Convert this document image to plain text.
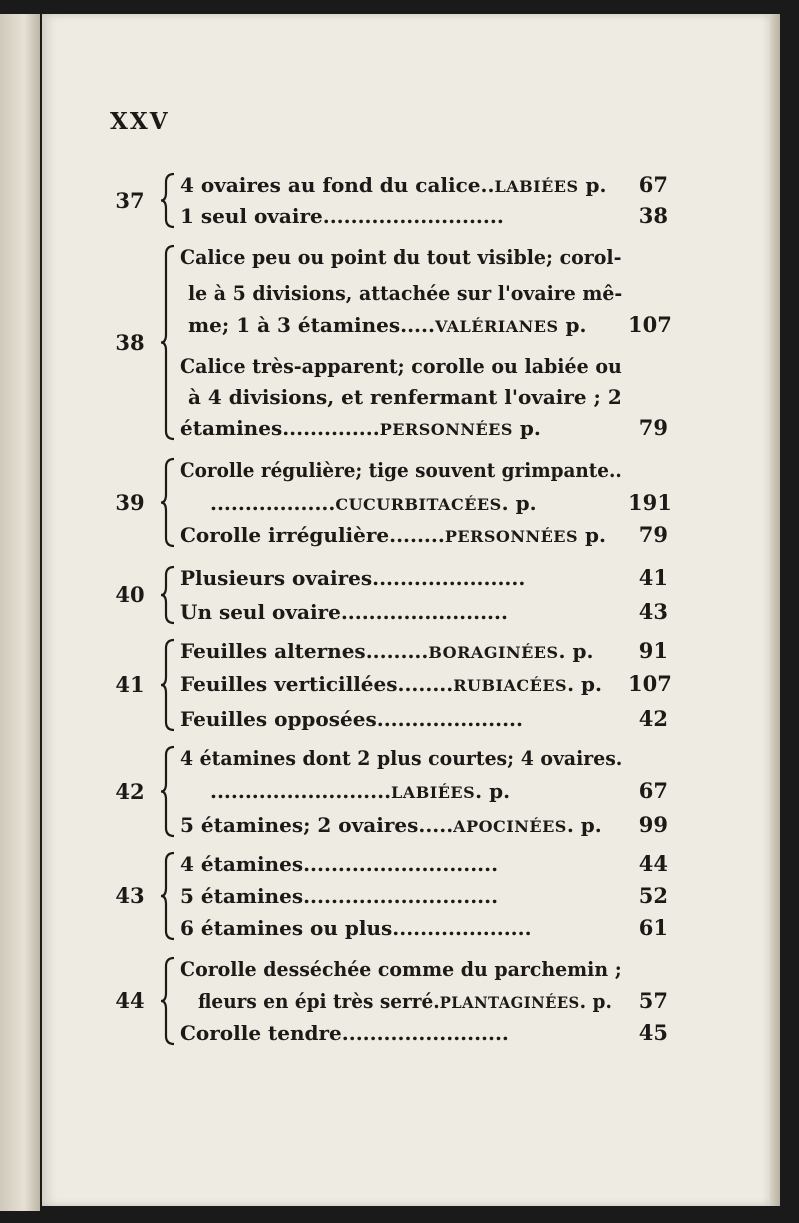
XXV
37
4 ovaires au fond du calice..LABIÉES p.	67
1 seul ovaire..........................	38
38
Calice peu ou point du tout visible; corol-
le à 5 divisions, attachée sur l'ovaire mê-
me; 1 à 3 étamines.....VALÉRIANES p. 107
Calice très-apparent; corolle ou labiée ou
à 4 divisions, et renfermant l'ovaire ; 2
étamines..............PERSONNÉES p.	79
39
Corolle régulière; tige souvent grimpante..
..................CUCURBITACÉES. p.	191
Corolle irrégulière........PERSONNÉES p.	79
40
Plusieurs ovaires......................	41
Un seul ovaire........................	43
41
Feuilles alternes.........BORAGINÉES. p.	91
Feuilles verticillées........RUBIACÉES. p. 107
Feuilles opposées.....................	42
42
4 étamines dont 2 plus courtes; 4 ovaires.
..........................LABIÉES. p.	67
5 étamines; 2 ovaires.....APOCINÉES. p.	99
43
4 étamines............................	44
5 étamines............................	52
6 étamines ou plus....................	61
44
Corolle desséchée comme du parchemin ;
fleurs en épi très serré.PLANTAGINÉES. p.	57
Corolle tendre........................	45
